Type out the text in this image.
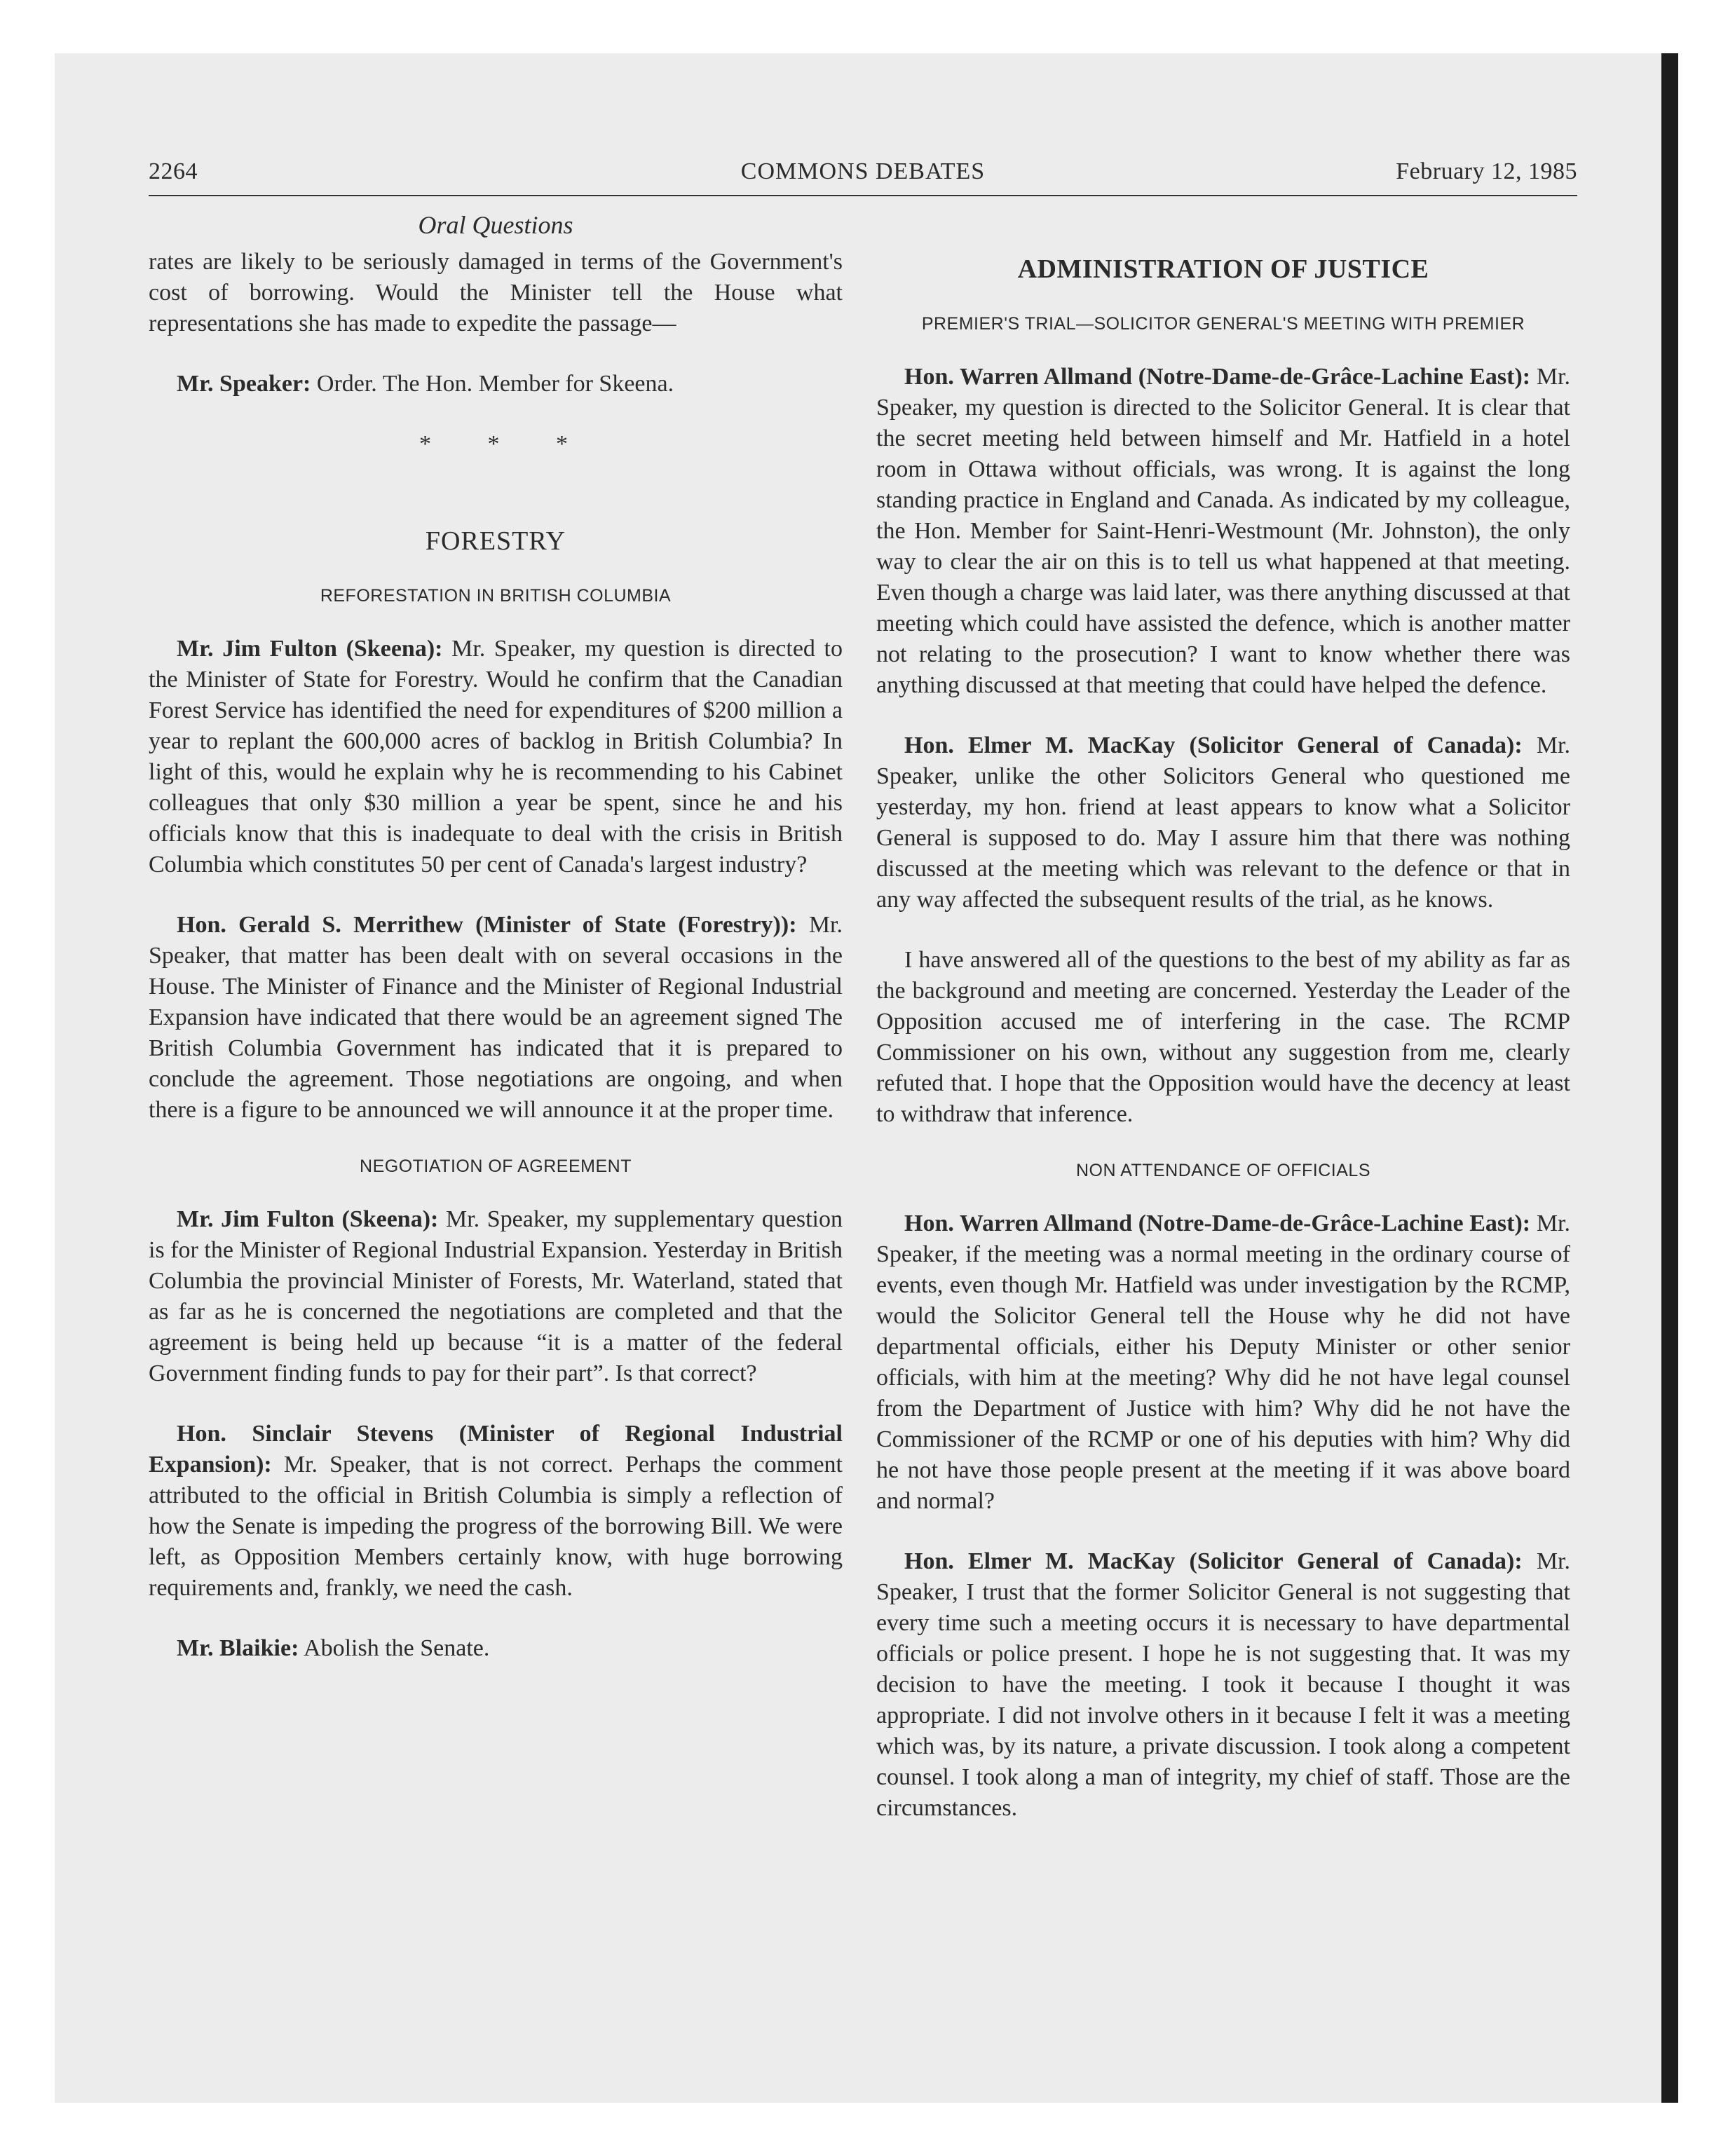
2264	COMMONS DEBATES	February 12, 1985
Oral Questions

rates are likely to be seriously damaged in terms of the Government's cost of borrowing. Would the Minister tell the House what representations she has made to expedite the passage—

Mr. Speaker: Order. The Hon. Member for Skeena.

* * *
FORESTRY
REFORESTATION IN BRITISH COLUMBIA

Mr. Jim Fulton (Skeena): Mr. Speaker, my question is directed to the Minister of State for Forestry. Would he confirm that the Canadian Forest Service has identified the need for expenditures of $200 million a year to replant the 600,000 acres of backlog in British Columbia? In light of this, would he explain why he is recommending to his Cabinet colleagues that only $30 million a year be spent, since he and his officials know that this is inadequate to deal with the crisis in British Columbia which constitutes 50 per cent of Canada's largest industry?

Hon. Gerald S. Merrithew (Minister of State (Forestry)): Mr. Speaker, that matter has been dealt with on several occasions in the House. The Minister of Finance and the Minister of Regional Industrial Expansion have indicated that there would be an agreement signed The British Columbia Government has indicated that it is prepared to conclude the agreement. Those negotiations are ongoing, and when there is a figure to be announced we will announce it at the proper time.

NEGOTIATION OF AGREEMENT

Mr. Jim Fulton (Skeena): Mr. Speaker, my supplementary question is for the Minister of Regional Industrial Expansion. Yesterday in British Columbia the provincial Minister of Forests, Mr. Waterland, stated that as far as he is concerned the negotiations are completed and that the agreement is being held up because “it is a matter of the federal Government finding funds to pay for their part”. Is that correct?

Hon. Sinclair Stevens (Minister of Regional Industrial Expansion): Mr. Speaker, that is not correct. Perhaps the comment attributed to the official in British Columbia is simply a reflection of how the Senate is impeding the progress of the borrowing Bill. We were left, as Opposition Members certainly know, with huge borrowing requirements and, frankly, we need the cash.

Mr. Blaikie: Abolish the Senate.

ADMINISTRATION OF JUSTICE
PREMIER'S TRIAL—SOLICITOR GENERAL'S MEETING WITH PREMIER

Hon. Warren Allmand (Notre-Dame-de-Grâce-Lachine East): Mr. Speaker, my question is directed to the Solicitor General. It is clear that the secret meeting held between himself and Mr. Hatfield in a hotel room in Ottawa without officials, was wrong. It is against the long standing practice in England and Canada. As indicated by my colleague, the Hon. Member for Saint-Henri-Westmount (Mr. Johnston), the only way to clear the air on this is to tell us what happened at that meeting. Even though a charge was laid later, was there anything discussed at that meeting which could have assisted the defence, which is another matter not relating to the prosecution? I want to know whether there was anything discussed at that meeting that could have helped the defence.

Hon. Elmer M. MacKay (Solicitor General of Canada): Mr. Speaker, unlike the other Solicitors General who questioned me yesterday, my hon. friend at least appears to know what a Solicitor General is supposed to do. May I assure him that there was nothing discussed at the meeting which was relevant to the defence or that in any way affected the subsequent results of the trial, as he knows.

I have answered all of the questions to the best of my ability as far as the background and meeting are concerned. Yesterday the Leader of the Opposition accused me of interfering in the case. The RCMP Commissioner on his own, without any suggestion from me, clearly refuted that. I hope that the Opposition would have the decency at least to withdraw that inference.

NON ATTENDANCE OF OFFICIALS

Hon. Warren Allmand (Notre-Dame-de-Grâce-Lachine East): Mr. Speaker, if the meeting was a normal meeting in the ordinary course of events, even though Mr. Hatfield was under investigation by the RCMP, would the Solicitor General tell the House why he did not have departmental officials, either his Deputy Minister or other senior officials, with him at the meeting? Why did he not have legal counsel from the Department of Justice with him? Why did he not have the Commissioner of the RCMP or one of his deputies with him? Why did he not have those people present at the meeting if it was above board and normal?

Hon. Elmer M. MacKay (Solicitor General of Canada): Mr. Speaker, I trust that the former Solicitor General is not suggesting that every time such a meeting occurs it is necessary to have departmental officials or police present. I hope he is not suggesting that. It was my decision to have the meeting. I took it because I thought it was appropriate. I did not involve others in it because I felt it was a meeting which was, by its nature, a private discussion. I took along a competent counsel. I took along a man of integrity, my chief of staff. Those are the circumstances.
